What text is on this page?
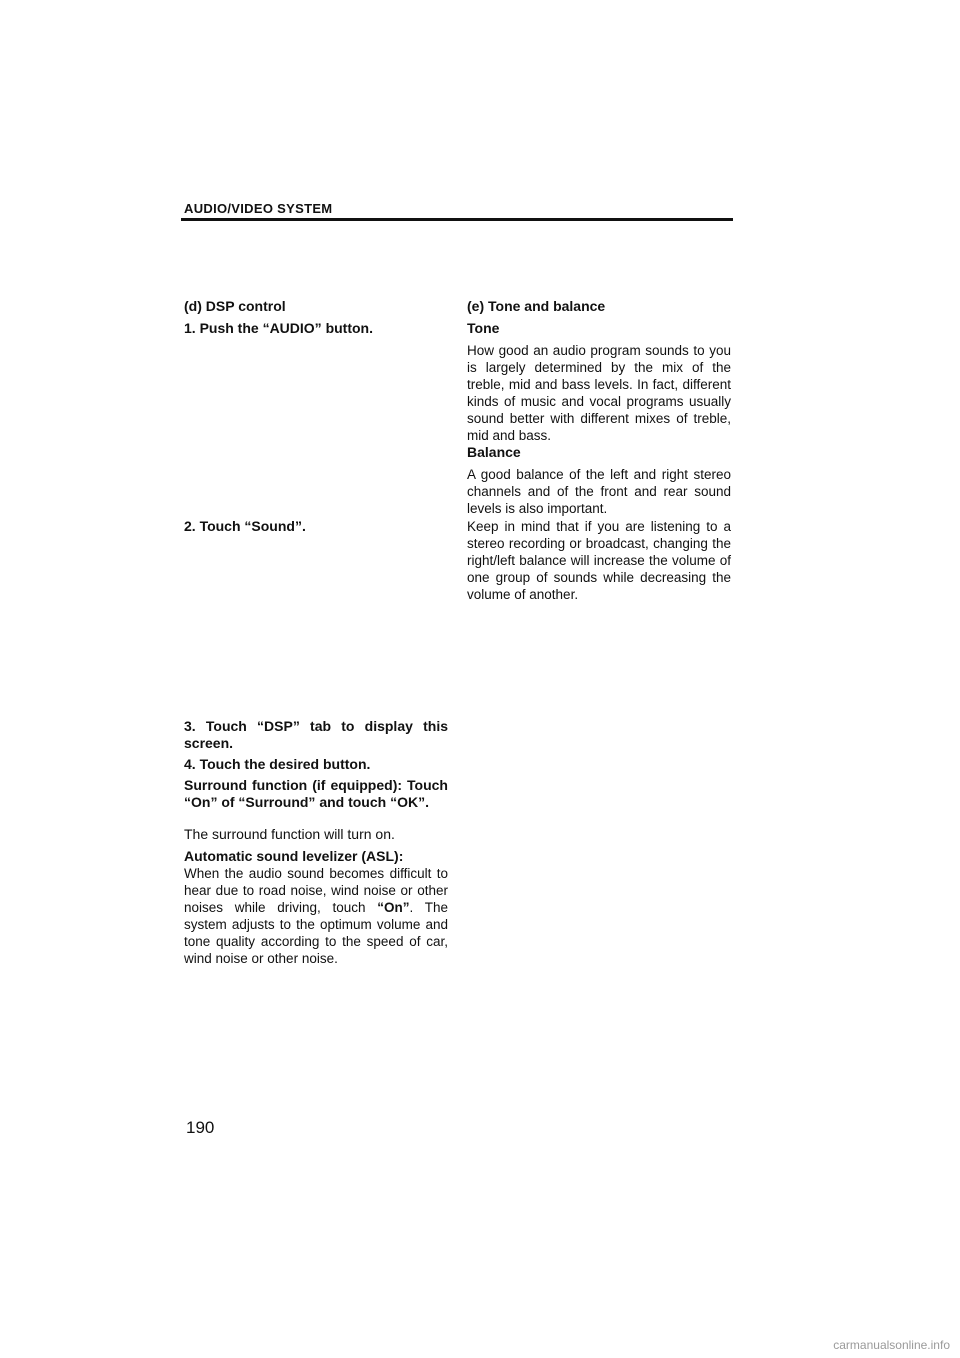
AUDIO/VIDEO SYSTEM
(d) DSP control
1. Push the “AUDIO” button.
2. Touch “Sound”.
3. Touch “DSP” tab to display this screen.
4. Touch the desired button.
Surround function (if equipped): Touch “On” of “Surround” and touch “OK”.
The surround function will turn on.
Automatic sound levelizer (ASL):
When the audio sound becomes difficult to hear due to road noise, wind noise or other noises while driving, touch “On”. The system adjusts to the optimum volume and tone quality according to the speed of car, wind noise or other noise.
(e) Tone and balance
Tone
How good an audio program sounds to you is largely determined by the mix of the treble, mid and bass levels. In fact, different kinds of music and vocal programs usually sound better with different mixes of treble, mid and bass.
Balance
A good balance of the left and right stereo channels and of the front and rear sound levels is also important.
Keep in mind that if you are listening to a stereo recording or broadcast, changing the right/left balance will increase the volume of one group of sounds while decreasing the volume of another.
190
carmanualsonline.info
